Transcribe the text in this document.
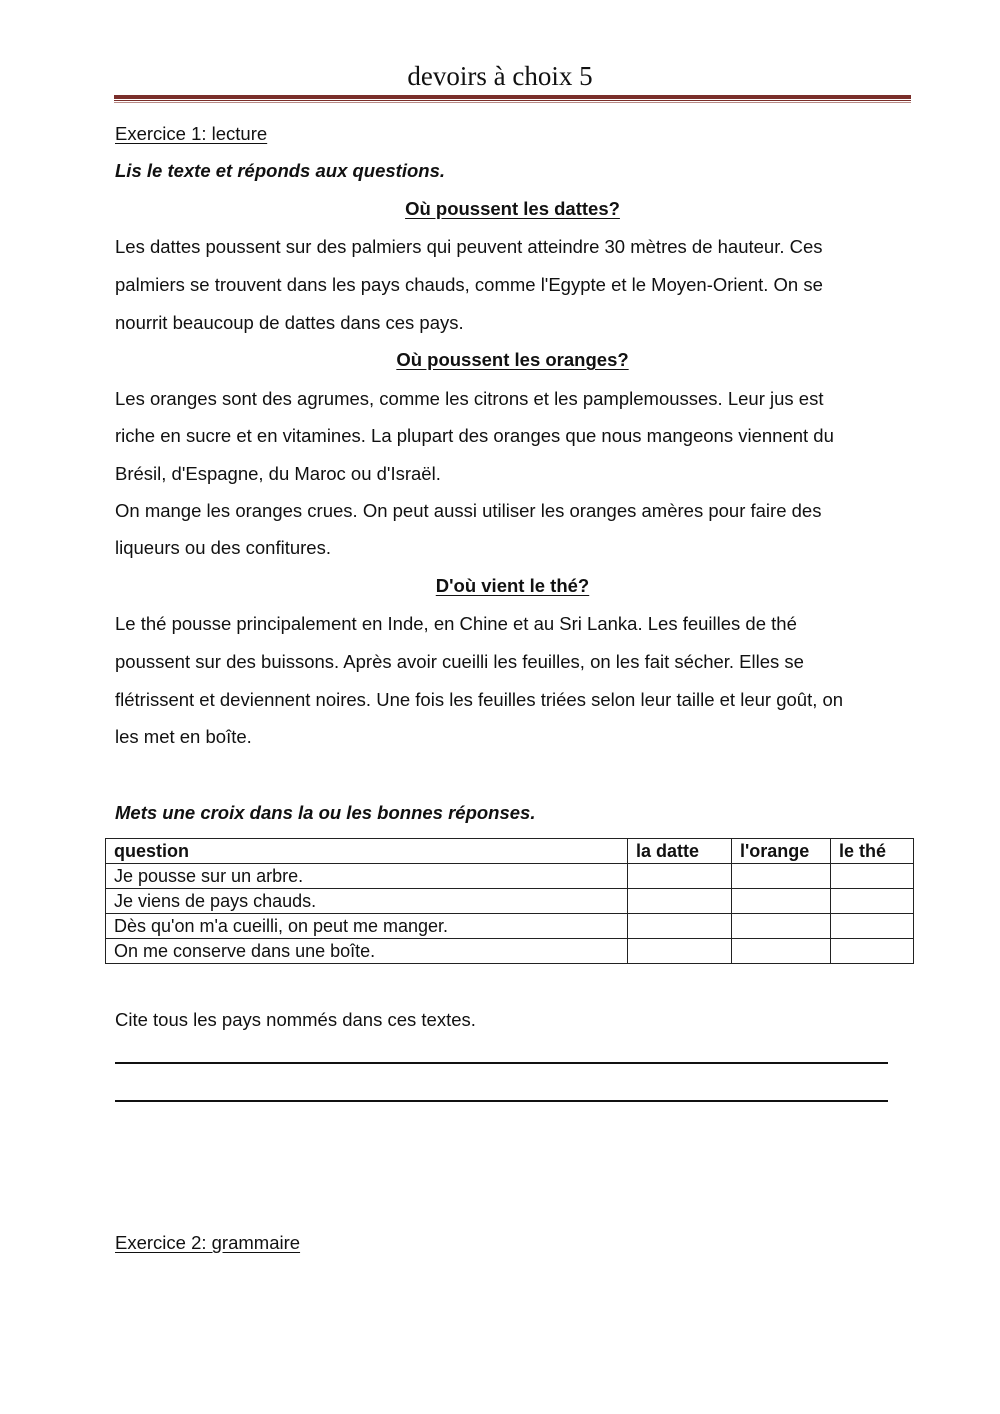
devoirs à choix 5
Exercice 1: lecture
Lis le texte et réponds aux questions.
Où poussent les dattes?
Les dattes poussent sur des palmiers qui peuvent atteindre 30 mètres de hauteur. Ces
palmiers se trouvent dans les pays chauds, comme l'Egypte et le Moyen-Orient. On se
nourrit beaucoup de dattes dans ces pays.
Où poussent les oranges?
Les oranges sont des agrumes, comme les citrons et les pamplemousses. Leur jus est
riche en sucre et en vitamines. La plupart des oranges que nous mangeons viennent du
Brésil, d'Espagne, du Maroc ou d'Israël.
On mange les oranges crues. On peut aussi utiliser les oranges amères pour faire des
liqueurs ou des confitures.
D'où vient le thé?
Le thé pousse principalement en Inde, en Chine et au Sri Lanka. Les feuilles de thé
poussent sur des buissons. Après avoir cueilli les feuilles, on les fait sécher. Elles se
flétrissent et deviennent noires. Une fois les feuilles triées selon leur taille et leur goût, on
les met en boîte.
Mets une croix dans la ou les bonnes réponses.
question	la datte	l'orange	le thé
Je pousse sur un arbre.			
Je viens de pays chauds.			
Dès qu'on m'a cueilli, on peut me manger.			
On me conserve dans une boîte.			
Cite tous les pays nommés dans ces textes.
Exercice 2: grammaire
